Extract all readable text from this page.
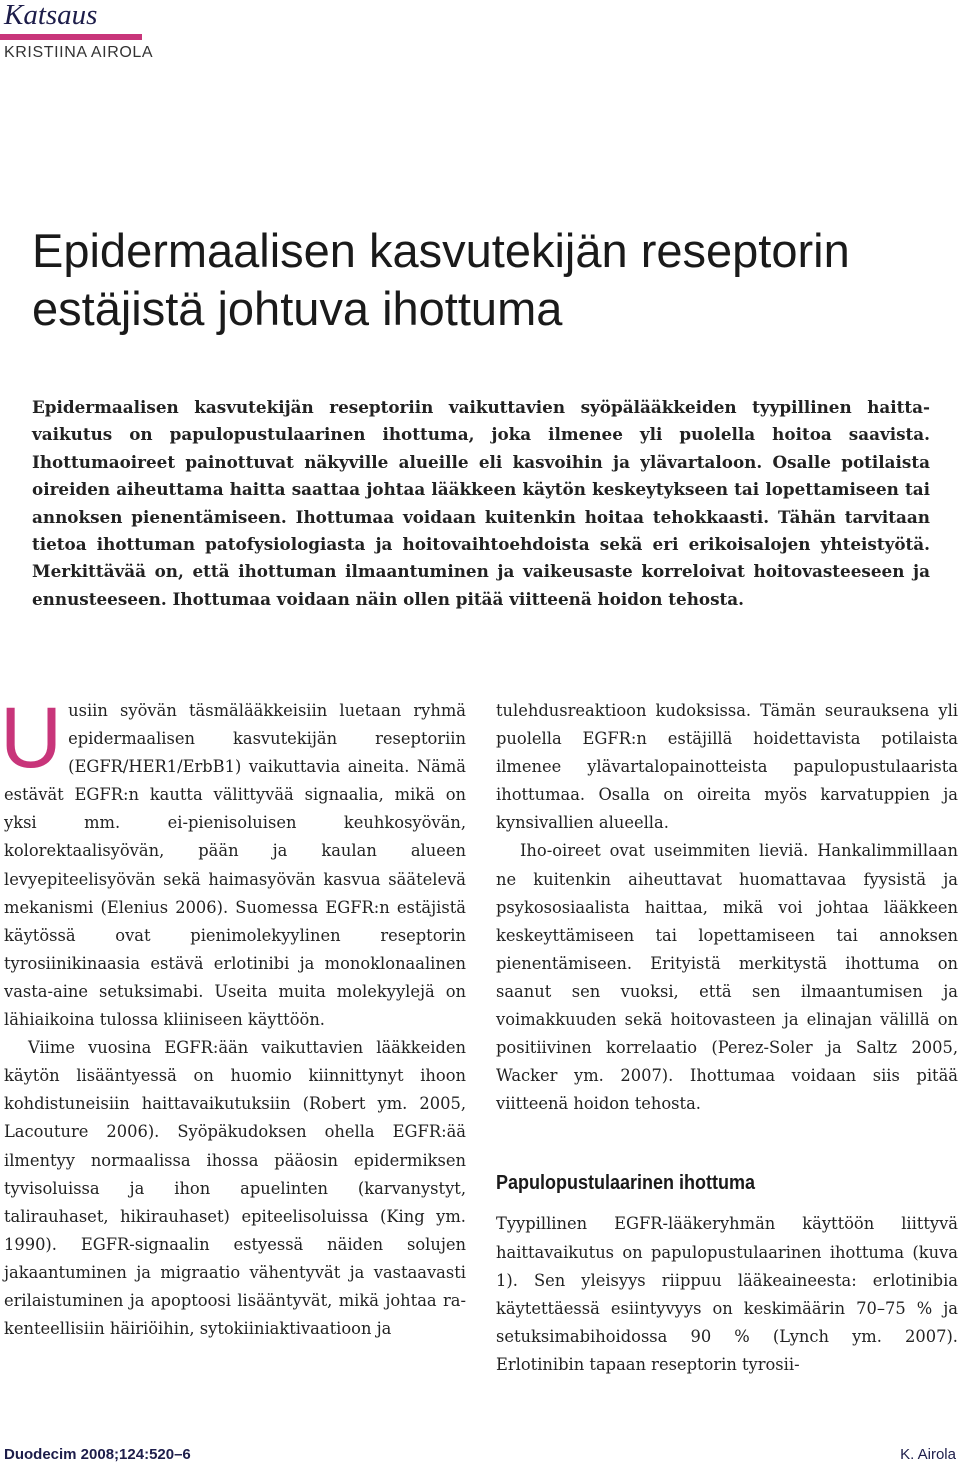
Katsaus
KRISTIINA AIROLA
Epidermaalisen kasvutekijän reseptorin estäjistä johtuva ihottuma

Epidermaalisen kasvutekijän reseptoriin vaikuttavien syöpälääkkeiden tyypillinen haittavaikutus on papulopustulaarinen ihottuma, joka ilmenee yli puolella hoitoa saavista. Ihottumaoireet painottuvat näkyville alueille eli kasvoihin ja ylävartaloon. Osalle potilaista oireiden aiheuttama haitta saattaa johtaa lääkkeen käytön keskeytykseen tai lopettamiseen tai annoksen pienentämiseen. Ihottumaa voidaan kuitenkin hoitaa tehokkaasti. Tähän tarvitaan tietoa ihottuman patofysiologiasta ja hoitovaihtoehdoista sekä eri erikoisalojen yhteistyötä. Merkittävää on, että ihottuman ilmaantuminen ja vaikeusaste korreloivat hoitovasteeseen ja ennusteeseen. Ihottumaa voidaan näin ollen pitää viitteenä hoidon tehosta.

U usiin syövän täsmälääkkeisiin luetaan ryhmä epidermaalisen kasvutekijän reseptoriin (EGFR/HER1/ErbB1) vaikuttavia aineita. Nämä estävät EGFR:n kautta välittyvää signaalia, mikä on yksi mm. ei-pienisoluisen keuhkosyövän, kolorektaalisyövän, pään ja kaulan alueen levyepiteelisyövän sekä haimasyövän kasvua säätelevä mekanismi (Elenius 2006). Suomessa EGFR:n estäjistä käytössä ovat pienimolekyylinen reseptorin tyrosiinikinaasia estävä erlotinibi ja monoklonaalinen vasta-aine setuksimabi. Useita muita molekyylejä on lähiaikoina tulossa kliiniseen käyttöön.

Viime vuosina EGFR:ään vaikuttavien lääkkeiden käytön lisääntyessä on huomio kiinnittynyt ihoon kohdistuneisiin haittavaikutuksiin (Robert ym. 2005, Lacouture 2006). Syöpäkudoksen ohella EGFR:ää ilmentyy normaalissa ihossa pääosin epidermiksen tyvisoluissa ja ihon apuelinten (karvanystyt, talirauhaset, hikirauhaset) epiteelisoluissa (King ym. 1990). EGFR-signaalin estyessä näiden solujen jakaantuminen ja migraatio vähentyvät ja vastaavasti erilaistuminen ja apoptoosi lisääntyvät, mikä johtaa rakenteellisiin häiriöihin, sytokiiniaktivaatioon ja

tulehdusreaktioon kudoksissa. Tämän seurauksena yli puolella EGFR:n estäjillä hoidettavista potilaista ilmenee ylävartalopainotteista papulopustulaarista ihottumaa. Osalla on oireita myös karvatuppien ja kynsivallien alueella.

Iho-oireet ovat useimmiten lieviä. Hankalimmillaan ne kuitenkin aiheuttavat huomattavaa fyysistä ja psykososiaalista haittaa, mikä voi johtaa lääkkeen keskeyttämiseen tai lopettamiseen tai annoksen pienentämiseen. Erityistä merkitystä ihottuma on saanut sen vuoksi, että sen ilmaantumisen ja voimakkuuden sekä hoitovasteen ja elinajan välillä on positiivinen korrelaatio (Perez-Soler ja Saltz 2005, Wacker ym. 2007). Ihottumaa voidaan siis pitää viitteenä hoidon tehosta.

Papulopustulaarinen ihottuma

Tyypillinen EGFR-lääkeryhmän käyttöön liittyvä haittavaikutus on papulopustulaarinen ihottuma (kuva 1). Sen yleisyys riippuu lääkeaineesta: erlotinibia käytettäessä esiintyvyys on keskimäärin 70–75 % ja setuksimabihoidossa 90 % (Lynch ym. 2007). Erlotinibin tapaan reseptorin tyrosii-

Duodecim 2008;124:520–6	K. Airola
